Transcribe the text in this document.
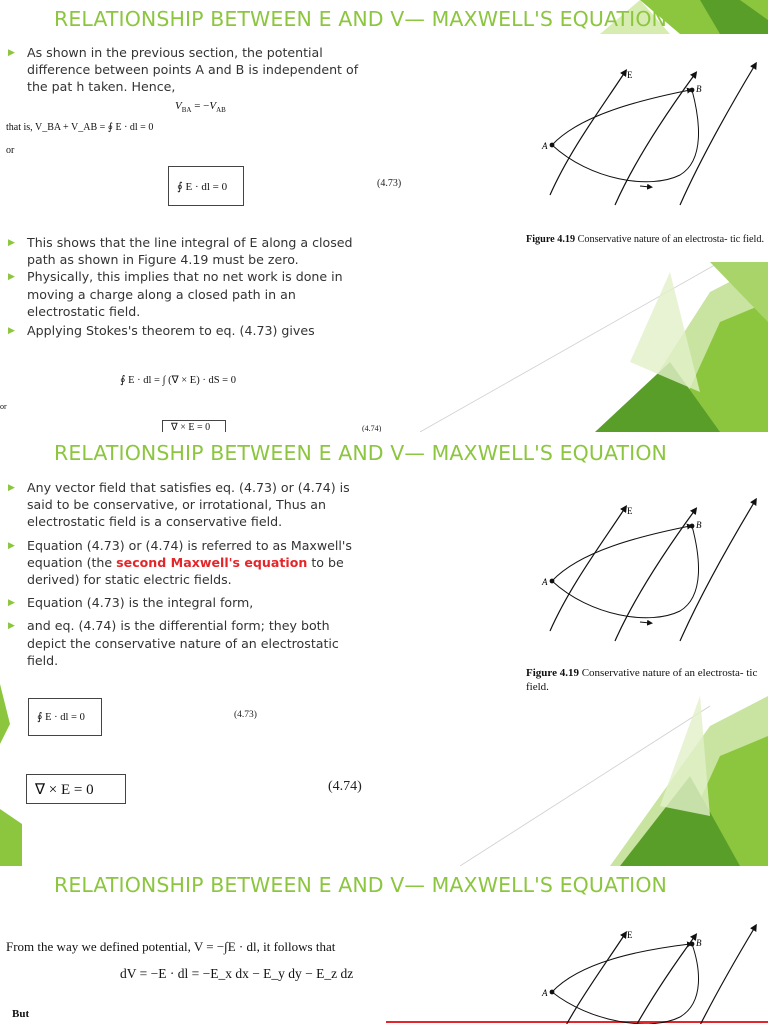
RELATIONSHIP BETWEEN E AND V— MAXWELL'S EQUATION
▶ As shown in the previous section, the potential difference between points A and B is independent of the pat h taken. Hence,
$V_{BA} = -V_{AB}$
that is, V_BA + V_AB = ∮ E · dl = 0
or
∮ E · dl = 0	(4.73)
▶ This shows that the line integral of E along a closed path as shown in Figure 4.19 must be zero.
▶ Physically, this implies that no net work is done in moving a charge along a closed path in an electrostatic field.
▶ Applying Stokes's theorem to eq. (4.73) gives
∮ E · dl = ∫ (∇ × E) · dS = 0
or
∇ × E = 0	(4.74)
E
A
B
Figure 4.19 Conservative nature of an electrosta- tic field.
RELATIONSHIP BETWEEN E AND V— MAXWELL'S EQUATION
▶ Any vector field that satisfies eq. (4.73) or (4.74) is said to be conservative, or irrotational, Thus an electrostatic field is a conservative field.
▶ Equation (4.73) or (4.74) is referred to as Maxwell's equation (the second Maxwell's equation to be derived) for static electric fields.
▶ Equation (4.73) is the integral form,
▶ and eq. (4.74) is the differential form; they both depict the conservative nature of an electrostatic field.
∮ E · dl = 0	(4.73)
∇ × E = 0	(4.74)
E
A
B
Figure 4.19 Conservative nature of an electrosta- tic field.
RELATIONSHIP BETWEEN E AND V— MAXWELL'S EQUATION
From the way we defined potential, V = −∫E · dl, it follows that
dV = −E · dl = −E_x dx − E_y dy − E_z dz
But
E
A
B
